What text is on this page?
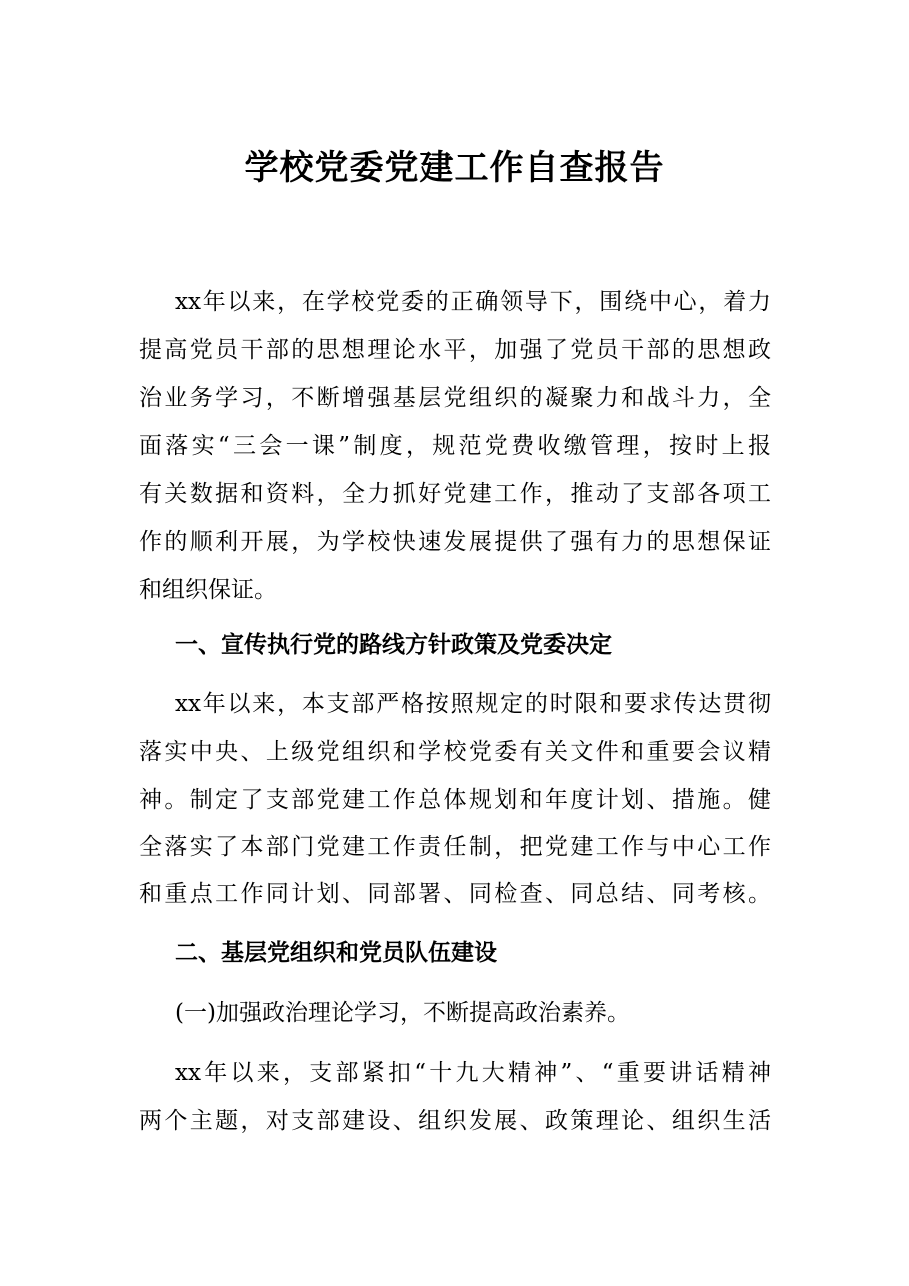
学校党委党建工作自查报告
xx年以来，在学校党委的正确领导下，围绕中心，着力
提高党员干部的思想理论水平，加强了党员干部的思想政
治业务学习，不断增强基层党组织的凝聚力和战斗力，全
面落实“三会一课”制度，规范党费收缴管理，按时上报
有关数据和资料，全力抓好党建工作，推动了支部各项工
作的顺利开展，为学校快速发展提供了强有力的思想保证
和组织保证。
一、宣传执行党的路线方针政策及党委决定
xx年以来，本支部严格按照规定的时限和要求传达贯彻
落实中央、上级党组织和学校党委有关文件和重要会议精
神。制定了支部党建工作总体规划和年度计划、措施。健
全落实了本部门党建工作责任制，把党建工作与中心工作
和重点工作同计划、同部署、同检查、同总结、同考核。
二、基层党组织和党员队伍建设
(一)加强政治理论学习，不断提高政治素养。
xx年以来，支部紧扣“十九大精神”、“重要讲话精神
两个主题，对支部建设、组织发展、政策理论、组织生活
